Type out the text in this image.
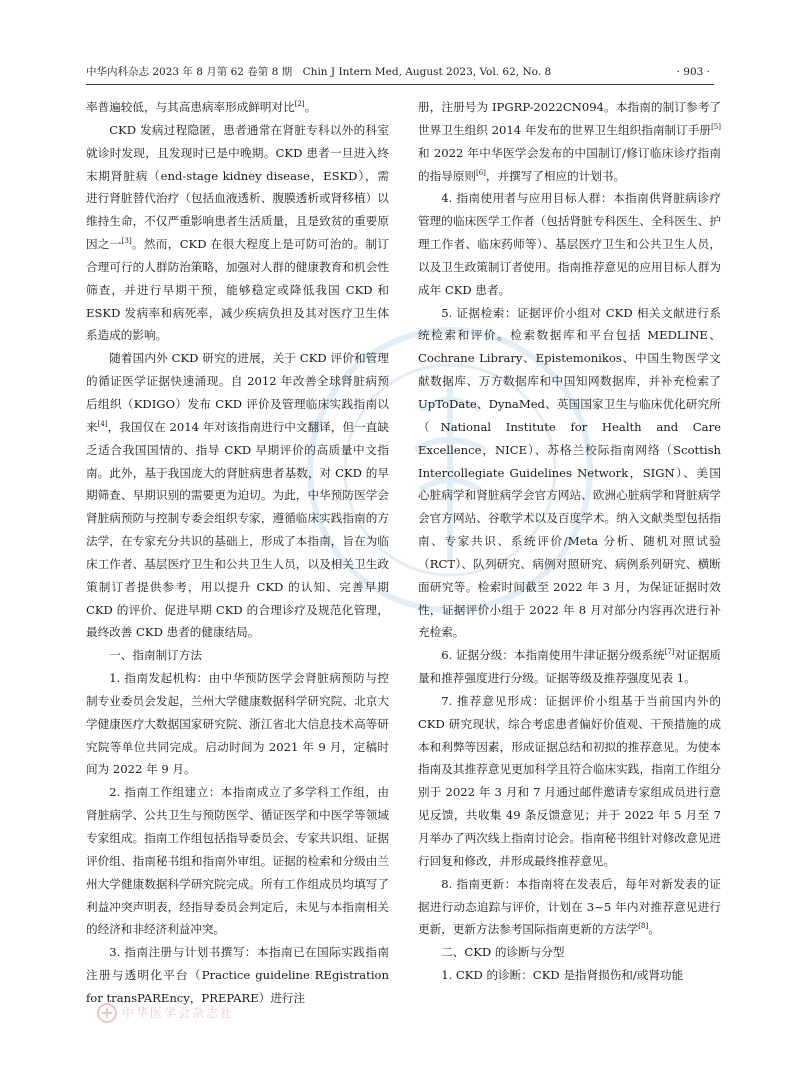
中华内科杂志 2023 年 8 月第 62 卷第 8 期　Chin J Intern Med, August 2023, Vol. 62, No. 8	· 903 ·

率普遍较低，与其高患病率形成鲜明对比[2]。

CKD 发病过程隐匿，患者通常在肾脏专科以外的科室就诊时发现，且发现时已是中晚期。CKD 患者一旦进入终末期肾脏病（end-stage kidney disease，ESKD），需进行肾脏替代治疗（包括血液透析、腹膜透析或肾移植）以维持生命，不仅严重影响患者生活质量，且是致贫的重要原因之一[3]。然而，CKD 在很大程度上是可防可治的。制订合理可行的人群防治策略，加强对人群的健康教育和机会性筛查，并进行早期干预，能够稳定或降低我国 CKD 和 ESKD 发病率和病死率，减少疾病负担及其对医疗卫生体系造成的影响。

随着国内外 CKD 研究的进展，关于 CKD 评价和管理的循证医学证据快速涌现。自 2012 年改善全球肾脏病预后组织（KDIGO）发布 CKD 评价及管理临床实践指南以来[4]，我国仅在 2014 年对该指南进行中文翻译，但一直缺乏适合我国国情的、指导 CKD 早期评价的高质量中文指南。此外，基于我国庞大的肾脏病患者基数，对 CKD 的早期筛查、早期识别的需要更为迫切。为此，中华预防医学会肾脏病预防与控制专委会组织专家，遵循临床实践指南的方法学，在专家充分共识的基础上，形成了本指南，旨在为临床工作者、基层医疗卫生和公共卫生人员，以及相关卫生政策制订者提供参考，用以提升 CKD 的认知、完善早期 CKD 的评价、促进早期 CKD 的合理诊疗及规范化管理，最终改善 CKD 患者的健康结局。

一、指南制订方法

1. 指南发起机构：由中华预防医学会肾脏病预防与控制专业委员会发起，兰州大学健康数据科学研究院、北京大学健康医疗大数据国家研究院、浙江省北大信息技术高等研究院等单位共同完成。启动时间为 2021 年 9 月，定稿时间为 2022 年 9 月。

2. 指南工作组建立：本指南成立了多学科工作组，由肾脏病学、公共卫生与预防医学、循证医学和中医学等领域专家组成。指南工作组包括指导委员会、专家共识组、证据评价组、指南秘书组和指南外审组。证据的检索和分级由兰州大学健康数据科学研究院完成。所有工作组成员均填写了利益冲突声明表，经指导委员会判定后，未见与本指南相关的经济和非经济利益冲突。

3. 指南注册与计划书撰写：本指南已在国际实践指南注册与透明化平台（Practice guideline REgistration for transPAREncy，PREPARE）进行注

册，注册号为 IPGRP-2022CN094。本指南的制订参考了世界卫生组织 2014 年发布的世界卫生组织指南制订手册[5]和 2022 年中华医学会发布的中国制订/修订临床诊疗指南的指导原则[6]，并撰写了相应的计划书。

4. 指南使用者与应用目标人群：本指南供肾脏病诊疗管理的临床医学工作者（包括肾脏专科医生、全科医生、护理工作者、临床药师等）、基层医疗卫生和公共卫生人员，以及卫生政策制订者使用。指南推荐意见的应用目标人群为成年 CKD 患者。

5. 证据检索：证据评价小组对 CKD 相关文献进行系统检索和评价。检索数据库和平台包括 MEDLINE、Cochrane Library、Epistemonikos、中国生物医学文献数据库、万方数据库和中国知网数据库，并补充检索了 UpToDate、DynaMed、英国国家卫生与临床优化研究所（National Institute for Health and Care Excellence，NICE）、苏格兰校际指南网络（Scottish Intercollegiate Guidelines Network，SIGN）、美国心脏病学和肾脏病学会官方网站、欧洲心脏病学和肾脏病学会官方网站、谷歌学术以及百度学术。纳入文献类型包括指南、专家共识、系统评价/Meta 分析、随机对照试验（RCT）、队列研究、病例对照研究、病例系列研究、横断面研究等。检索时间截至 2022 年 3 月，为保证证据时效性，证据评价小组于 2022 年 8 月对部分内容再次进行补充检索。

6. 证据分级：本指南使用牛津证据分级系统[7]对证据质量和推荐强度进行分级。证据等级及推荐强度见表 1。

7. 推荐意见形成：证据评价小组基于当前国内外的 CKD 研究现状，综合考虑患者偏好价值观、干预措施的成本和利弊等因素，形成证据总结和初拟的推荐意见。为使本指南及其推荐意见更加科学且符合临床实践，指南工作组分别于 2022 年 3 月和 7 月通过邮件邀请专家组成员进行意见反馈，共收集 49 条反馈意见；并于 2022 年 5 月至 7 月举办了两次线上指南讨论会。指南秘书组针对修改意见进行回复和修改，并形成最终推荐意见。

8. 指南更新：本指南将在发表后，每年对新发表的证据进行动态追踪与评价，计划在 3~5 年内对推荐意见进行更新，更新方法参考国际指南更新的方法学[8]。

二、CKD 的诊断与分型

1. CKD 的诊断：CKD 是指肾损伤和/或肾功能

中华医学会杂志社
